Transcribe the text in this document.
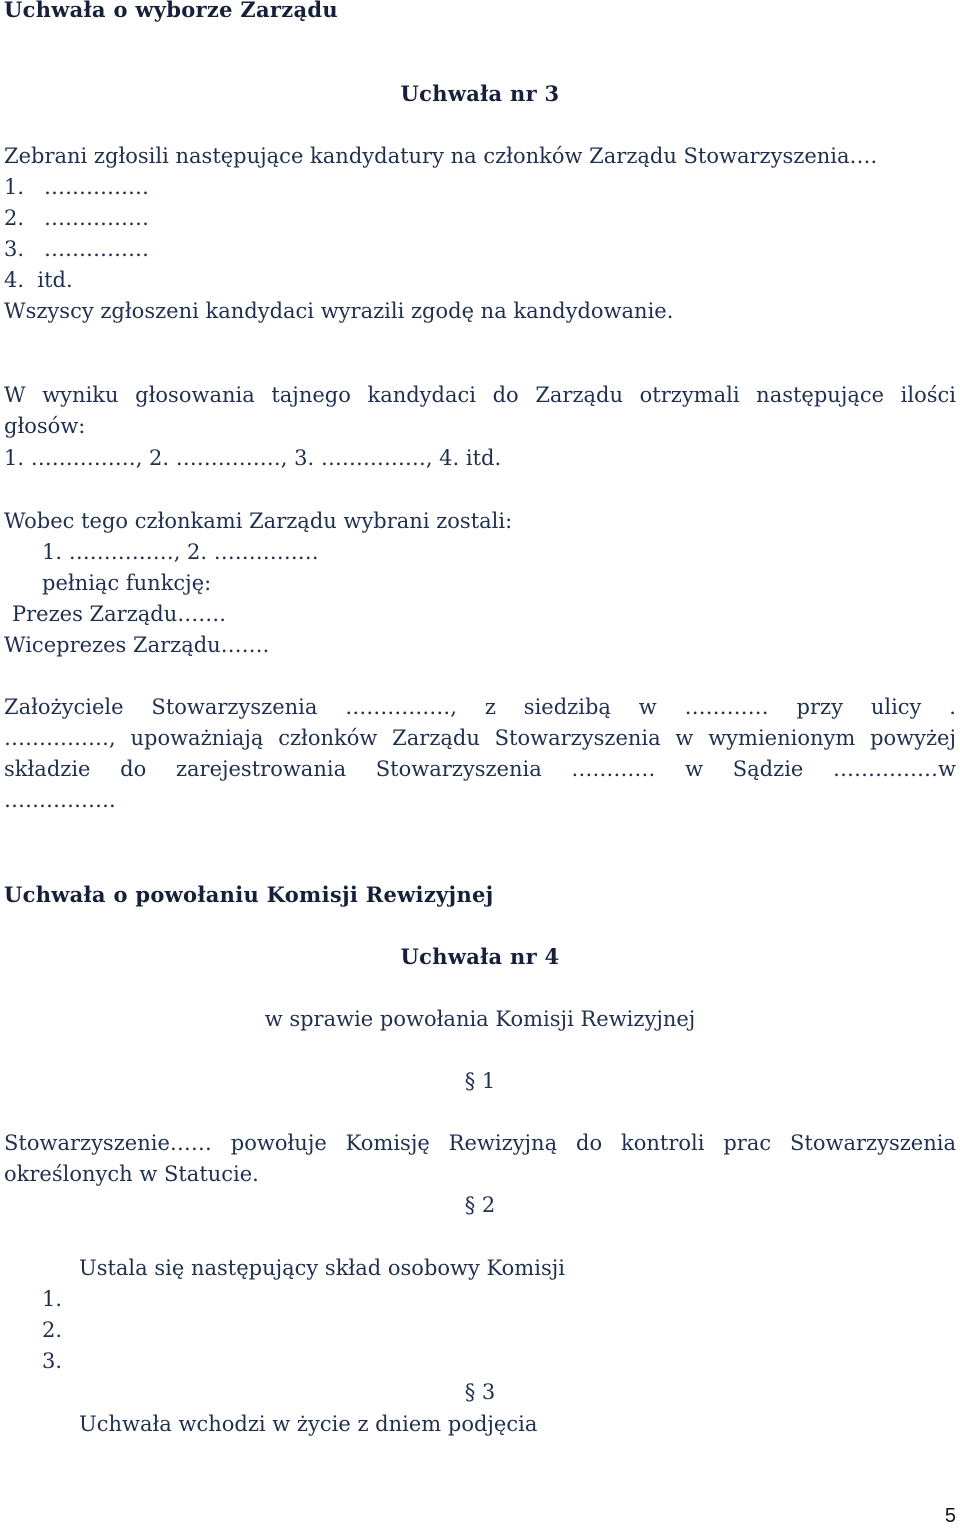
Uchwała o wyborze Zarządu
Uchwała nr 3
Zebrani zgłosili następujące kandydatury na członków Zarządu Stowarzyszenia….
1.   ……………
2.   ……………
3.   ……………
4.  itd.
Wszyscy zgłoszeni kandydaci wyrazili zgodę na kandydowanie.
W wyniku głosowania tajnego kandydaci do Zarządu otrzymali następujące ilości
głosów:
1. ……………, 2. ……………, 3. ……………, 4. itd.
Wobec tego członkami Zarządu wybrani zostali:
1. ……………, 2. ……………
pełniąc funkcję:
Prezes Zarządu…….
Wiceprezes Zarządu…….
Założyciele Stowarzyszenia ……………, z siedzibą w ………… przy ulicy .
……………, upoważniają członków Zarządu Stowarzyszenia w wymienionym powyżej
składzie do zarejestrowania Stowarzyszenia ………… w Sądzie ……………w
…………….
Uchwała o powołaniu Komisji Rewizyjnej
Uchwała nr 4
w sprawie powołania Komisji Rewizyjnej
§ 1
Stowarzyszenie…… powołuje Komisję Rewizyjną do kontroli prac Stowarzyszenia
określonych w Statucie.
§ 2
Ustala się następujący skład osobowy Komisji
1.
2.
3.
§ 3
Uchwała wchodzi w życie z dniem podjęcia
5
